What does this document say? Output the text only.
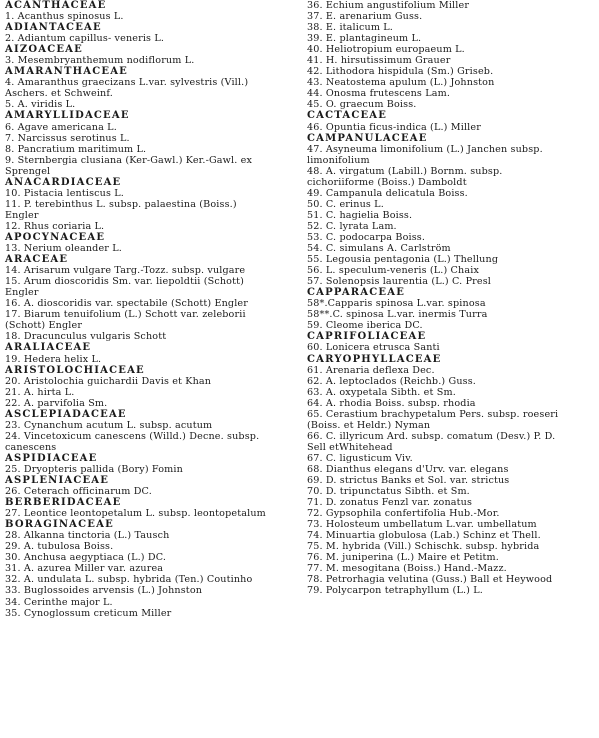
ACANTHACEAE
1. Acanthus spinosus L.
ADIANTACEAE
2. Adiantum capillus- veneris L.
AIZOACEAE
3. Mesembryanthemum nodiflorum L.
AMARANTHACEAE
4. Amaranthus graecizans L.var. sylvestris (Vill.)
Aschers. et Schweinf.
5. A. viridis L.
AMARYLLIDACEAE
6. Agave americana L.
7. Narcissus serotinus L.
8. Pancratium maritimum L.
9. Sternbergia clusiana (Ker-Gawl.) Ker.-Gawl. ex
Sprengel
ANACARDIACEAE
10. Pistacia lentiscus L.
11. P. terebinthus L. subsp. palaestina (Boiss.)
Engler
12. Rhus coriaria L.
APOCYNACEAE
13. Nerium oleander L.
ARACEAE
14. Arisarum vulgare Targ.-Tozz. subsp. vulgare
15. Arum dioscoridis Sm. var. liepoldtii (Schott)
Engler
16. A. dioscoridis var. spectabile (Schott) Engler
17. Biarum tenuifolium (L.) Schott var. zeleborii
(Schott) Engler
18. Dracunculus vulgaris Schott
ARALIACEAE
19. Hedera helix L.
ARISTOLOCHIACEAE
20. Aristolochia guichardii Davis et Khan
21. A. hirta L.
22. A. parvifolia Sm.
ASCLEPIADACEAE
23. Cynanchum acutum L. subsp. acutum
24. Vincetoxicum canescens (Willd.) Decne. subsp.
canescens
ASPIDIACEAE
25. Dryopteris pallida (Bory) Fomin
ASPLENIACEAE
26. Ceterach officinarum DC.
BERBERIDACEAE
27. Leontice leontopetalum L. subsp. leontopetalum
BORAGINACEAE
28. Alkanna tinctoria (L.) Tausch
29. A. tubulosa Boiss.
30. Anchusa aegyptiaca (L.) DC.
31. A. azurea Miller var. azurea
32. A. undulata L. subsp. hybrida (Ten.) Coutinho
33. Buglossoides arvensis (L.) Johnston
34. Cerinthe major L.
35. Cynoglossum creticum Miller
36. Echium angustifolium Miller
37. E. arenarium Guss.
38. E. italicum L.
39. E. plantagineum L.
40. Heliotropium europaeum L.
41. H. hirsutissimum Grauer
42. Lithodora hispidula (Sm.) Griseb.
43. Neatostema apulum (L.) Johnston
44. Onosma frutescens Lam.
45. O. graecum Boiss.
CACTACEAE
46. Opuntia ficus-indica (L.) Miller
CAMPANULACEAE
47. Asyneuma limonifolium (L.) Janchen subsp.
limonifolium
48. A. virgatum (Labill.) Bornm. subsp.
cichoriiforme (Boiss.) Damboldt
49. Campanula delicatula Boiss.
50. C. erinus L.
51. C. hagielia Boiss.
52. C. lyrata Lam.
53. C. podocarpa Boiss.
54. C. simulans A. Carlström
55. Legousia pentagonia (L.) Thellung
56. L. speculum-veneris (L.) Chaix
57. Solenopsis laurentia (L.) C. Presl
CAPPARACEAE
58*.Capparis spinosa L.var. spinosa
58**.C. spinosa L.var. inermis Turra
59. Cleome iberica DC.
CAPRIFOLIACEAE
60. Lonicera etrusca Santi
CARYOPHYLLACEAE
61. Arenaria deflexa Dec.
62. A. leptoclados (Reichb.) Guss.
63. A. oxypetala Sibth. et Sm.
64. A. rhodia Boiss. subsp. rhodia
65. Cerastium brachypetalum Pers. subsp. roeseri
(Boiss. et Heldr.) Nyman
66. C. illyricum Ard. subsp. comatum (Desv.) P. D.
Sell etWhitehead
67. C. ligusticum Viv.
68. Dianthus elegans d'Urv. var. elegans
69. D. strictus Banks et Sol. var. strictus
70. D. tripunctatus Sibth. et Sm.
71. D. zonatus Fenzl var. zonatus
72. Gypsophila confertifolia Hub.-Mor.
73. Holosteum umbellatum L.var. umbellatum
74. Minuartia globulosa (Lab.) Schinz et Thell.
75. M. hybrida (Vill.) Schischk. subsp. hybrida
76. M. juniperina (L.) Maire et Petitm.
77. M. mesogitana (Boiss.) Hand.-Mazz.
78. Petrorhagia velutina (Guss.) Ball et Heywood
79. Polycarpon tetraphyllum (L.) L.
